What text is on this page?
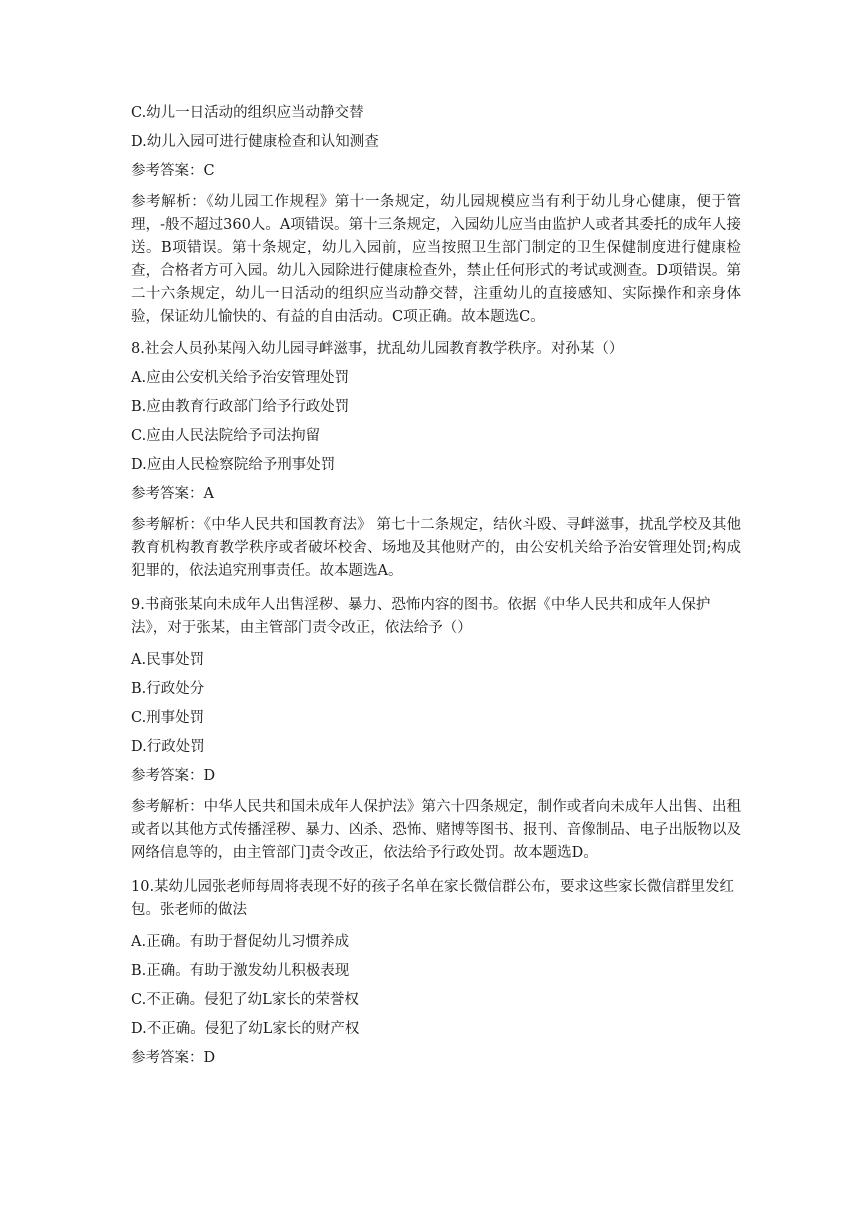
C.幼儿一日活动的组织应当动静交替

D.幼儿入园可进行健康检查和认知测查

参考答案：C

参考解析：《幼儿园工作规程》第十一条规定，幼儿园规模应当有利于幼儿身心健康，便于管理，-般不超过360人。A项错误。第十三条规定，入园幼儿应当由监护人或者其委托的成年人接送。B项错误。第十条规定，幼儿入园前，应当按照卫生部门制定的卫生保健制度进行健康检查，合格者方可入园。幼儿入园除进行健康检查外，禁止任何形式的考试或测查。D项错误。第二十六条规定，幼儿一日活动的组织应当动静交替，注重幼儿的直接感知、实际操作和亲身体验，保证幼儿愉快的、有益的自由活动。C项正确。故本题选C。

8.社会人员孙某闯入幼儿园寻衅滋事，扰乱幼儿园教育教学秩序。对孙某（）

A.应由公安机关给予治安管理处罚

B.应由教育行政部门给予行政处罚

C.应由人民法院给予司法拘留

D.应由人民检察院给予刑事处罚

参考答案：A

参考解析：《中华人民共和国教育法》 第七十二条规定，结伙斗殴、寻衅滋事，扰乱学校及其他教育机构教育教学秩序或者破坏校舍、场地及其他财产的，由公安机关给予治安管理处罚;构成犯罪的，依法追究刑事责任。故本题选A。

9.书商张某向未成年人出售淫秽、暴力、恐怖内容的图书。依据《中华人民共和成年人保护法》，对于张某，由主管部门责令改正，依法给予（）

A.民事处罚

B.行政处分

C.刑事处罚

D.行政处罚

参考答案：D

参考解析：中华人民共和国未成年人保护法》第六十四条规定，制作或者向未成年人出售、出租或者以其他方式传播淫秽、暴力、凶杀、恐怖、赌博等图书、报刊、音像制品、电子出版物以及网络信息等的，由主管部门]责令改正，依法给予行政处罚。故本题选D。

10.某幼儿园张老师每周将表现不好的孩子名单在家长微信群公布，要求这些家长微信群里发红包。张老师的做法

A.正确。有助于督促幼儿习惯养成

B.正确。有助于激发幼儿积极表现

C.不正确。侵犯了幼L家长的荣誉权

D.不正确。侵犯了幼L家长的财产权

参考答案：D
